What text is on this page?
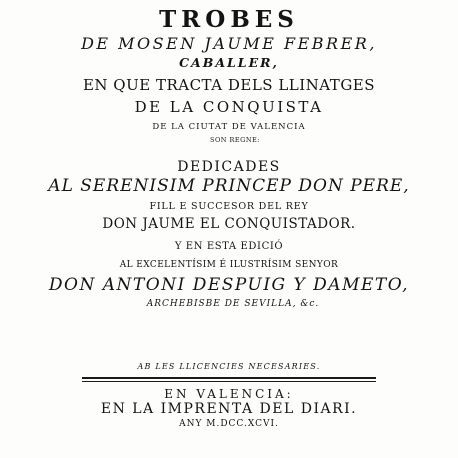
TROBES
DE MOSEN JAUME FEBRER,
CABALLER,
EN QUE TRACTA DELS LLINATGES
DE LA CONQUISTA
DE LA CIUTAT DE VALENCIA
SON REGNE:
DEDICADES
AL SERENISIM PRINCEP DON PERE,
FILL E SUCCESOR DEL REY
DON JAUME EL CONQUISTADOR.
Y EN ESTA EDICIÓ
AL EXCELENTÍSIM É ILUSTRÍSIM SENYOR
DON ANTONI DESPUIG Y DAMETO,
ARCHEBISBE DE SEVILLA, &c.
AB LES LLICENCIES NECESARIES.
EN VALENCIA:
EN LA IMPRENTA DEL DIARI.
ANY M.DCC.XCVI.
